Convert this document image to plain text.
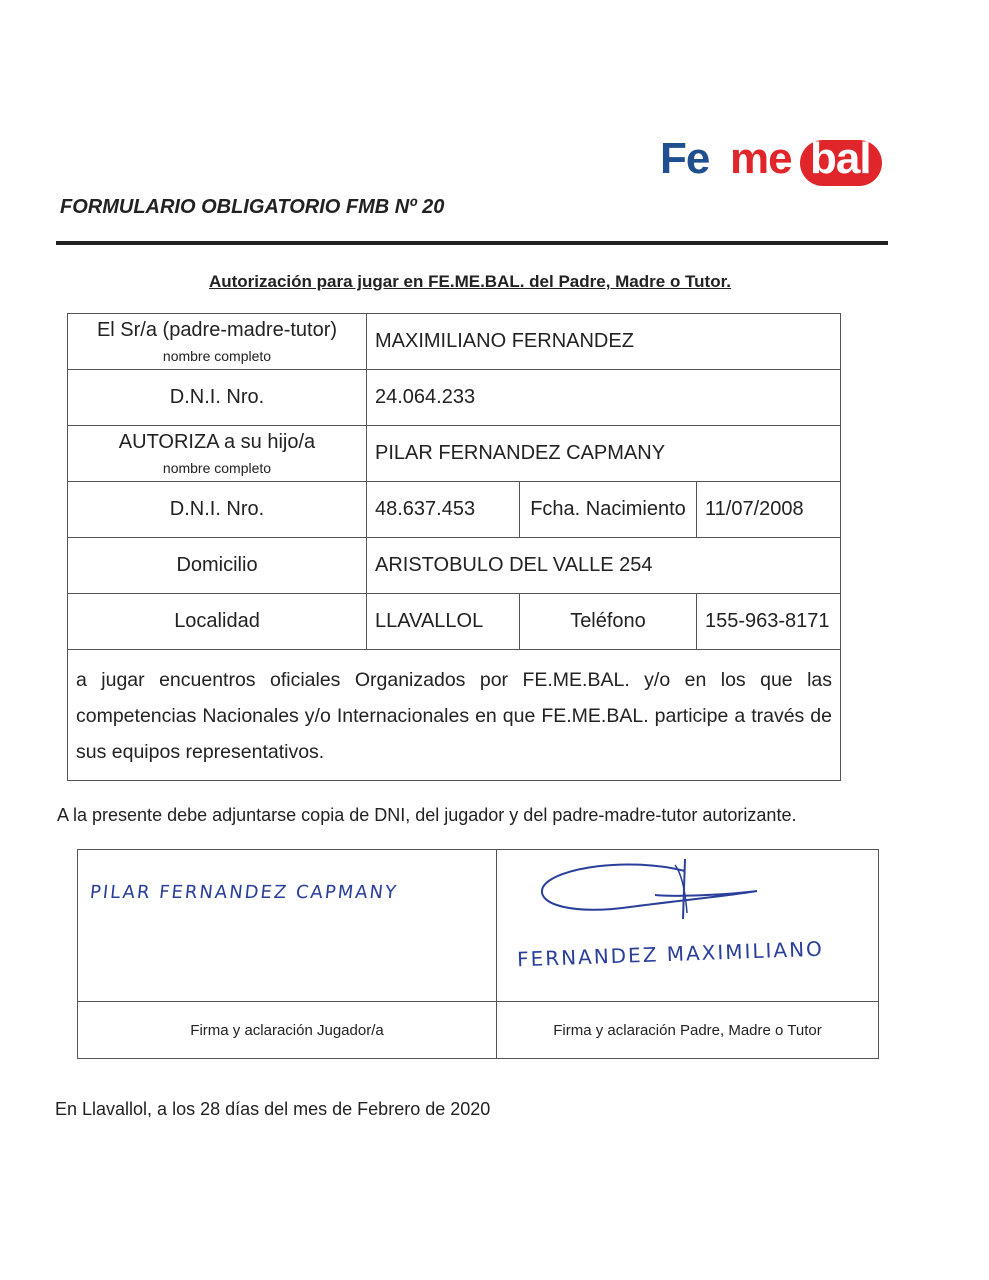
Fe me bal
FORMULARIO OBLIGATORIO FMB Nº 20
Autorización para jugar en FE.ME.BAL. del Padre, Madre o Tutor.
El Sr/a (padre-madre-tutor)
nombre completo	MAXIMILIANO FERNANDEZ		
D.N.I. Nro.	24.064.233		
AUTORIZA a su hijo/a
nombre completo	PILAR FERNANDEZ CAPMANY		
D.N.I. Nro.	48.637.453	Fcha. Nacimiento	11/07/2008
Domicilio	ARISTOBULO DEL VALLE 254		
Localidad	LLAVALLOL	Teléfono	155-963-8171
a jugar encuentros oficiales Organizados por FE.ME.BAL. y/o en los que las competencias Nacionales y/o Internacionales en que FE.ME.BAL. participe a través de sus equipos representativos.			
A la presente debe adjuntarse copia de DNI, del jugador y del padre-madre-tutor autorizante.
PILAR FERNANDEZ CAPMANY	FERNANDEZ MAXIMILIANO

Firma y aclaración Jugador/a	Firma y aclaración Padre, Madre o Tutor
En Llavallol, a los 28 días del mes de Febrero de 2020
